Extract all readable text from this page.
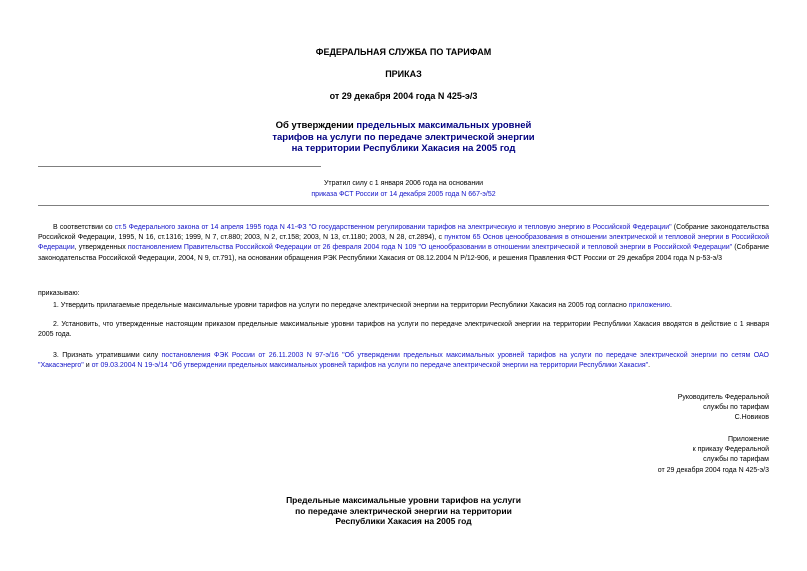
ФЕДЕРАЛЬНАЯ СЛУЖБА ПО ТАРИФАМ
ПРИКАЗ
от 29 декабря 2004 года N 425-э/3
Об утверждении предельных максимальных уровней
тарифов на услуги по передаче электрической энергии
на территории Республики Хакасия на 2005 год
Утратил силу с 1 января 2006 года на основании
приказа ФСТ России от 14 декабря 2005 года N 667-э/52
В соответствии со ст.5 Федерального закона от 14 апреля 1995 года N 41-ФЗ "О государственном регулировании тарифов на электрическую и тепловую энергию в Российской Федерации" (Собрание законодательства Российской Федерации, 1995, N 16, ст.1316; 1999, N 7, ст.880; 2003, N 2, ст.158; 2003, N 13, ст.1180; 2003, N 28, ст.2894), с пунктом 65 Основ ценообразования в отношении электрической и тепловой энергии в Российской Федерации, утвержденных постановлением Правительства Российской Федерации от 26 февраля 2004 года N 109 "О ценообразовании в отношении электрической и тепловой энергии в Российской Федерации" (Собрание законодательства Российской Федерации, 2004, N 9, ст.791), на основании обращения РЭК Республики Хакасия от 08.12.2004 N Р/12-906, и решения Правления ФСТ России от 29 декабря 2004 года N р-53-э/3
приказываю:
1. Утвердить прилагаемые предельные максимальные уровни тарифов на услуги по передаче электрической энергии на территории Республики Хакасия на 2005 год согласно приложению.
2. Установить, что утвержденные настоящим приказом предельные максимальные уровни тарифов на услуги по передаче электрической энергии на территории Республики Хакасия вводятся в действие с 1 января 2005 года.
3. Признать утратившими силу постановления ФЭК России от 26.11.2003 N 97-э/16 "Об утверждении предельных максимальных уровней тарифов на услуги по передаче электрической энергии по сетям ОАО "Хакасэнерго" и от 09.03.2004 N 19-э/14 "Об утверждении предельных максимальных уровней тарифов на услуги по передаче электрической энергии на территории Республики Хакасия".
Руководитель Федеральной
службы по тарифам
С.Новиков
Приложение
к приказу Федеральной
службы по тарифам
от 29 декабря 2004 года N 425-э/3
Предельные максимальные уровни тарифов на услуги
по передаче электрической энергии на территории
Республики Хакасия на 2005 год
